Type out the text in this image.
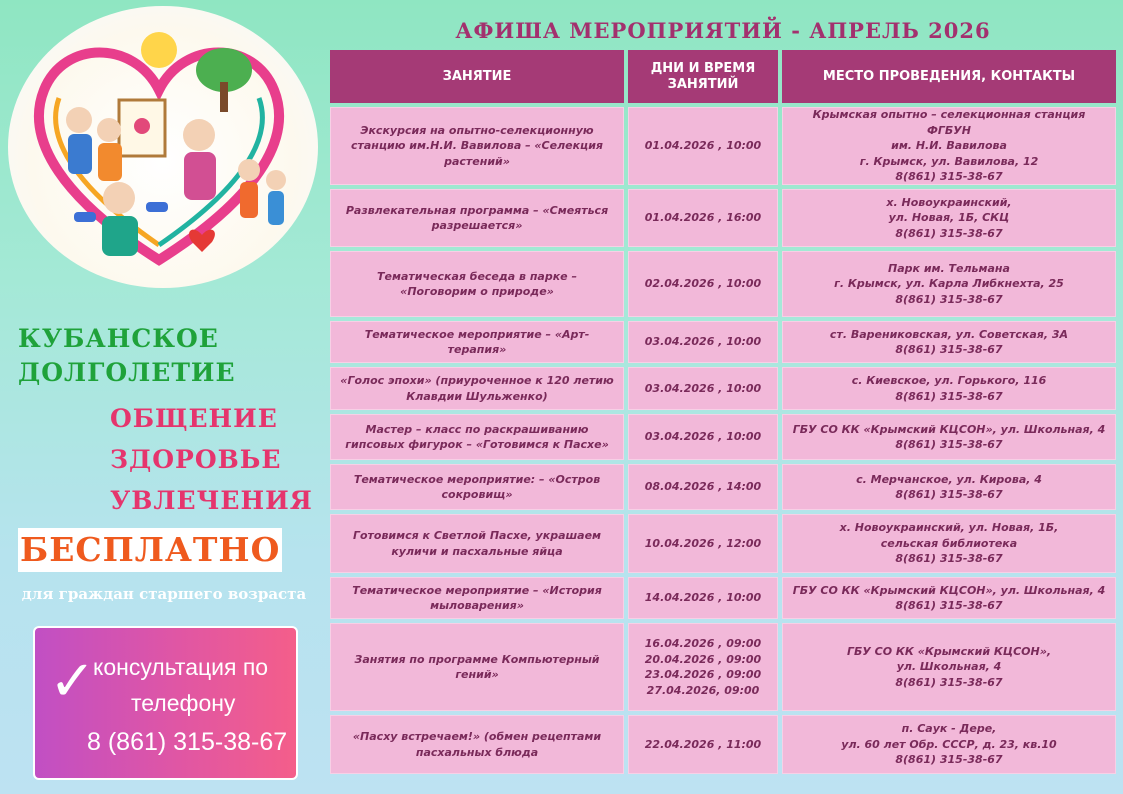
КУБАНСКОЕ
ДОЛГОЛЕТИЕ
ОБЩЕНИЕ
ЗДОРОВЬЕ
УВЛЕЧЕНИЯ
БЕСПЛАТНО
для граждан старшего возраста
✓
консультация по
телефону
8 (861) 315-38-67
АФИША МЕРОПРИЯТИЙ - АПРЕЛЬ 2026
ЗАНЯТИЕ
ДНИ И ВРЕМЯ ЗАНЯТИЙ
МЕСТО ПРОВЕДЕНИЯ, КОНТАКТЫ
Экскурсия на опытно-селекционную станцию им.Н.И. Вавилова – «Селекция растений»
01.04.2026 , 10:00
Крымская опытно – селекционная станция ФГБУН
им. Н.И. Вавилова
г. Крымск, ул. Вавилова, 12
8(861) 315-38-67
Развлекательная программа – «Смеяться разрешается»
01.04.2026 , 16:00
х. Новоукраинский,
ул. Новая, 1Б, СКЦ
8(861) 315-38-67
Тематическая беседа в парке – «Поговорим о природе»
02.04.2026 , 10:00
Парк им. Тельмана
г. Крымск, ул. Карла Либкнехта, 25
8(861) 315-38-67
Тематическое мероприятие – «Арт-терапия»
03.04.2026 , 10:00
ст. Варениковская, ул. Советская, 3А
8(861) 315-38-67
«Голос эпохи» (приуроченное к 120 летию Клавдии Шульженко)
03.04.2026 , 10:00
с. Киевское, ул. Горького, 116
8(861) 315-38-67
Мастер – класс по раскрашиванию гипсовых фигурок – «Готовимся к Пасхе»
03.04.2026 , 10:00
ГБУ СО КК «Крымский КЦСОН», ул. Школьная, 4
8(861) 315-38-67
Тематическое мероприятие: – «Остров сокровищ»
08.04.2026 , 14:00
с. Мерчанское, ул. Кирова, 4
8(861) 315-38-67
Готовимся к Светлой Пасхе, украшаем куличи и пасхальные яйца
10.04.2026 , 12:00
х. Новоукраинский, ул. Новая, 1Б,
сельская библиотека
8(861) 315-38-67
Тематическое мероприятие – «История мыловарения»
14.04.2026 , 10:00
ГБУ СО КК «Крымский КЦСОН», ул. Школьная, 4
8(861) 315-38-67
Занятия по программе Компьютерный гений»
16.04.2026 , 09:00
20.04.2026 , 09:00
23.04.2026 , 09:00
27.04.2026, 09:00
ГБУ СО КК «Крымский КЦСОН»,
ул. Школьная, 4
8(861) 315-38-67
«Пасху встречаем!» (обмен рецептами пасхальных блюда
22.04.2026 , 11:00
п. Саук - Дере,
ул. 60 лет Обр. СССР, д. 23, кв.10
8(861) 315-38-67
